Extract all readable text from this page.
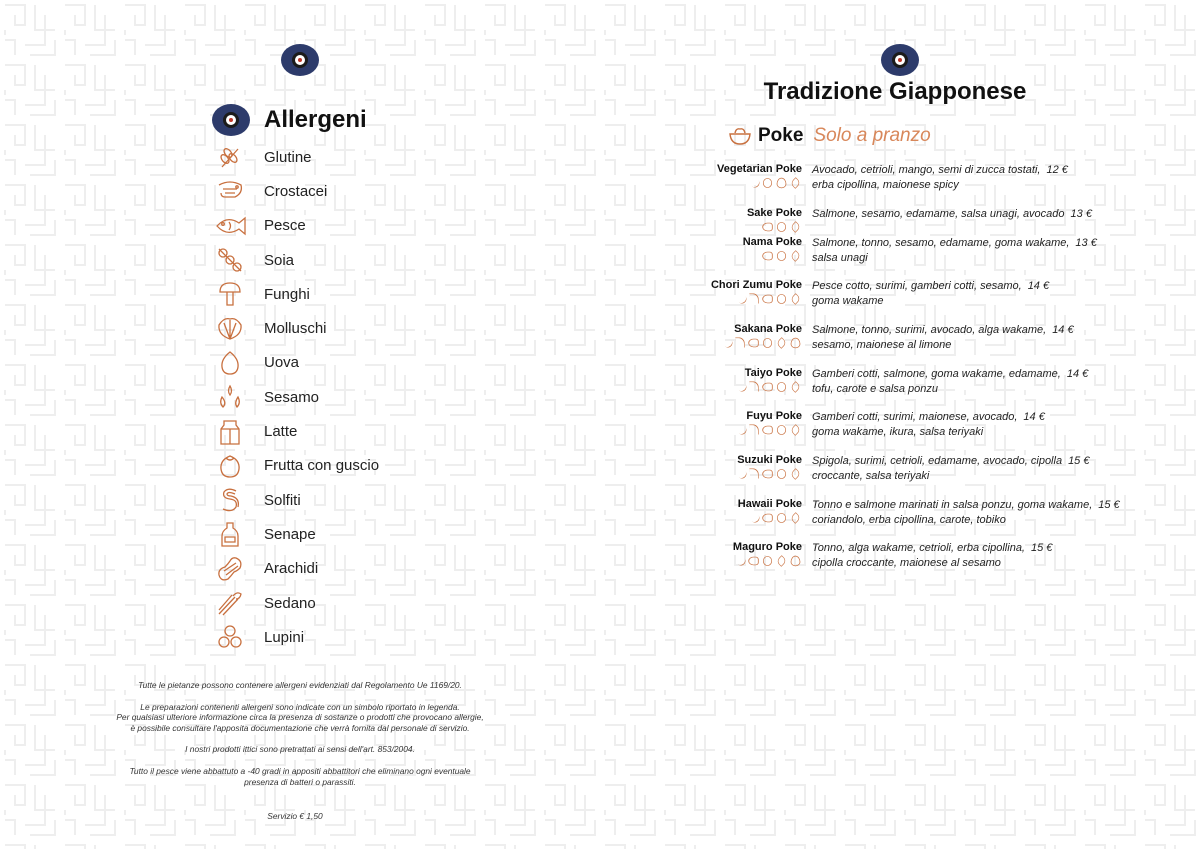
Allergeni
Glutine
Crostacei
Pesce
Soia
Funghi
Molluschi
Uova
Sesamo
Latte
Frutta con guscio
Solfiti
Senape
Arachidi
Sedano
Lupini

Tutte le pietanze possono contenere allergeni evidenziati dal Regolamento Ue 1169/20.

Le preparazioni contenenti allergeni sono indicate con un simbolo riportato in legenda.
Per qualsiasi ulteriore informazione circa la presenza di sostanze o prodotti che provocano allergie,
è possibile consultare l'apposita documentazione che verrà fornita dal personale di servizio.

I nostri prodotti ittici sono pretrattati ai sensi dell'art. 853/2004.

Tutto il pesce viene abbattuto a -40 gradi in appositi abbattitori che eliminano ogni eventuale
presenza di batteri o parassiti.

Servizio € 1,50
Tradizione Giapponese
Poke Solo a pranzo
Vegetarian Poke Avocado, cetrioli, mango, semi di zucca tostati, 12 €
erba cipollina, maionese spicy
Sake Poke Salmone, sesamo, edamame, salsa unagi, avocado 13 €
Nama Poke Salmone, tonno, sesamo, edamame, goma wakame, 13 €
salsa unagi
Chori Zumu Poke Pesce cotto, surimi, gamberi cotti, sesamo, 14 €
goma wakame
Sakana Poke Salmone, tonno, surimi, avocado, alga wakame, 14 €
sesamo, maionese al limone
Taiyo Poke Gamberi cotti, salmone, goma wakame, edamame, 14 €
tofu, carote e salsa ponzu
Fuyu Poke Gamberi cotti, surimi, maionese, avocado, 14 €
goma wakame, ikura, salsa teriyaki
Suzuki Poke Spigola, surimi, cetrioli, edamame, avocado, cipolla 15 €
croccante, salsa teriyaki
Hawaii Poke Tonno e salmone marinati in salsa ponzu, goma wakame, 15 €
coriandolo, erba cipollina, carote, tobiko
Maguro Poke Tonno, alga wakame, cetrioli, erba cipollina, 15 €
cipolla croccante, maionese al sesamo
